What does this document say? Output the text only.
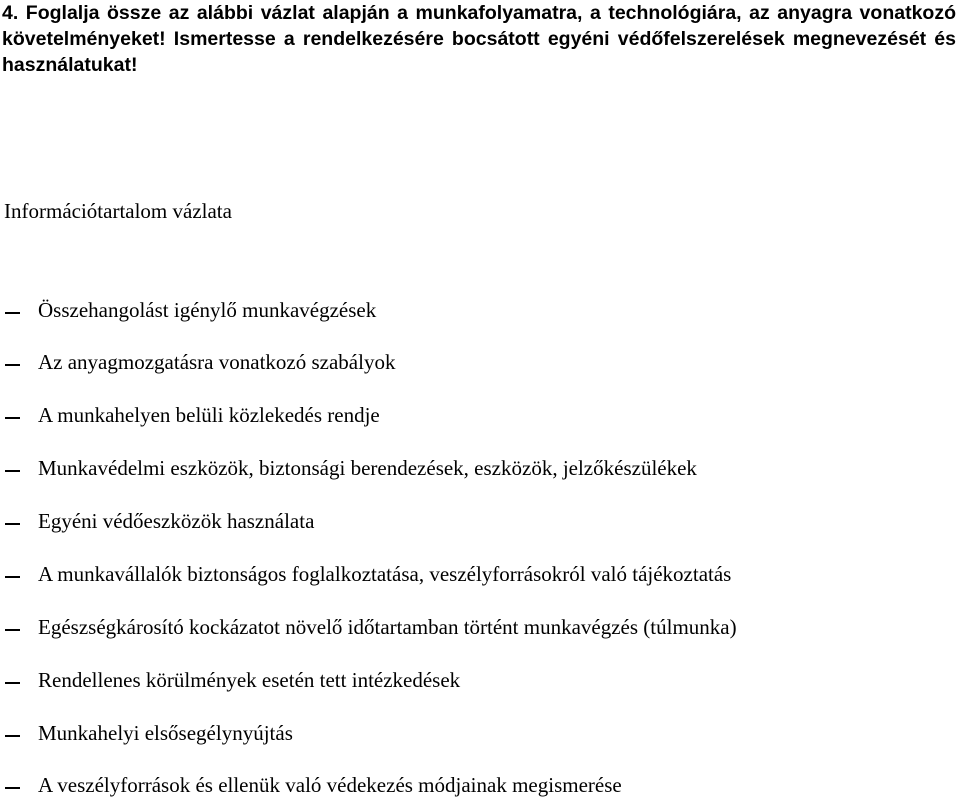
4. Foglalja össze az alábbi vázlat alapján a munkafolyamatra, a technológiára, az anyagra vonatkozó követelményeket! Ismertesse a rendelkezésére bocsátott egyéni védőfelszerelések megnevezését és használatukat!

Információtartalom vázlata
Összehangolást igénylő munkavégzések
Az anyagmozgatásra vonatkozó szabályok
A munkahelyen belüli közlekedés rendje
Munkavédelmi eszközök, biztonsági berendezések, eszközök, jelzőkészülékek
Egyéni védőeszközök használata
A munkavállalók biztonságos foglalkoztatása, veszélyforrásokról való tájékoztatás
Egészségkárosító kockázatot növelő időtartamban történt munkavégzés (túlmunka)
Rendellenes körülmények esetén tett intézkedések
Munkahelyi elsősegélynyújtás
A veszélyforrások és ellenük való védekezés módjainak megismerése
